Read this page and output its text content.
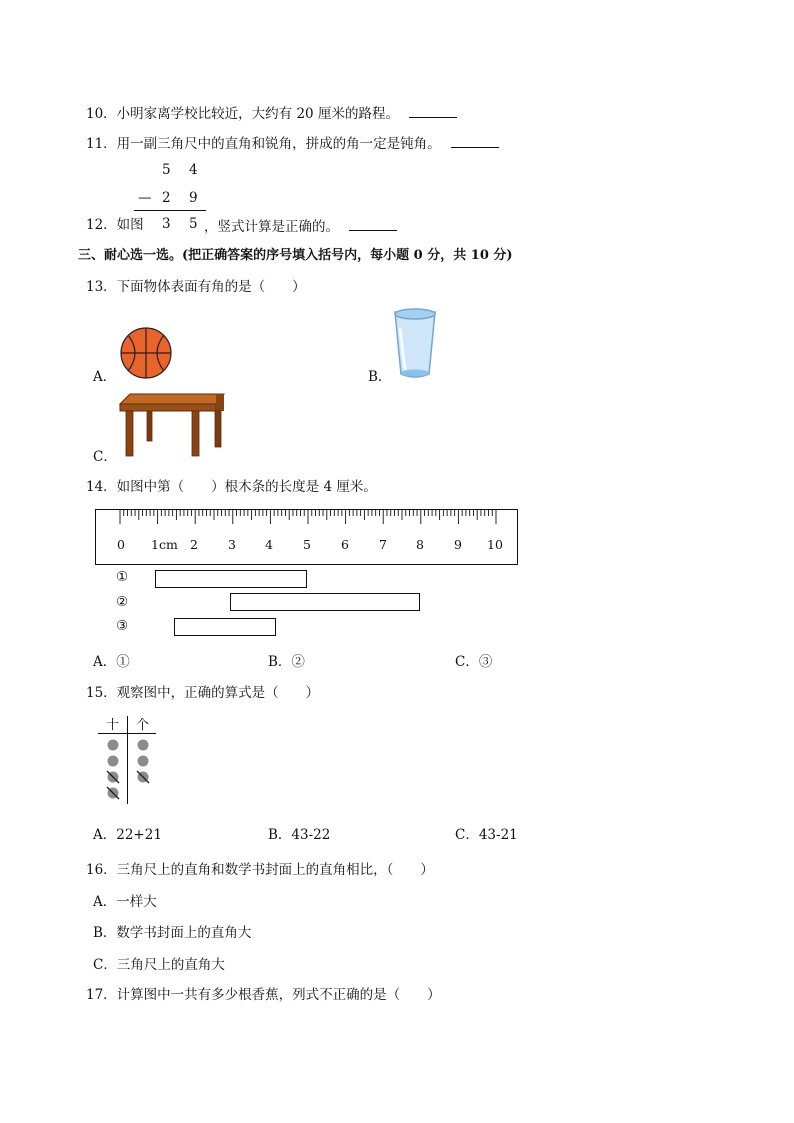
10．小明家离学校比较近，大约有 20 厘米的路程。
11．用一副三角尺中的直角和锐角，拼成的角一定是钝角。
5 4
— 2 9
3 5
12．如图	，竖式计算是正确的。
三、耐心选一选。(把正确答案的序号填入括号内，每小题 0 分，共 10 分)
13．下面物体表面有角的是（　　）
A．	B．
C．
14．如图中第（　　）根木条的长度是 4 厘米。
0 1cm 2 3 4 5 6 7 8 9 10
①
②
③
A．①	B．②	C．③
15．观察图中，正确的算式是（　　）
十 个
A．22+21	B．43-22	C．43-21
16．三角尺上的直角和数学书封面上的直角相比，（　　）
A．一样大
B．数学书封面上的直角大
C．三角尺上的直角大
17．计算图中一共有多少根香蕉，列式不正确的是（　　）
